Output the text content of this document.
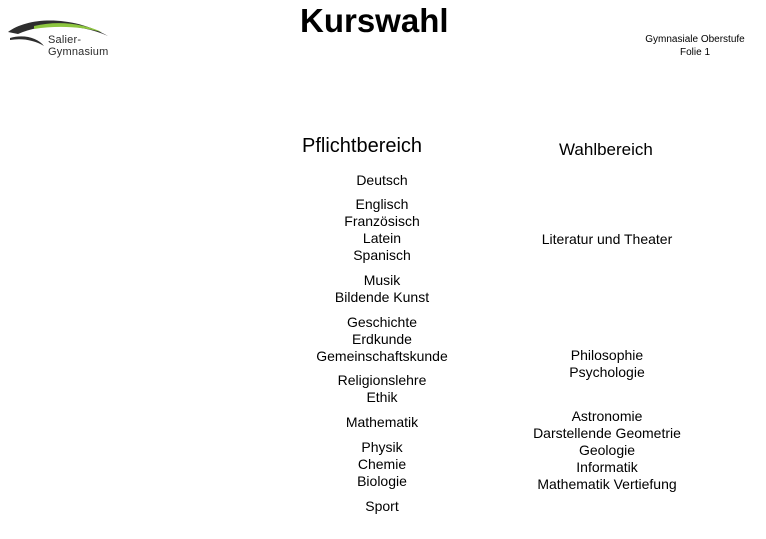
Salier-
Gymnasium
Kurswahl
Gymnasiale Oberstufe
Folie 1
Pflichtbereich	Wahlbereich
Deutsch
Englisch
Französisch
Latein
Spanisch
Musik
Bildende Kunst
Geschichte
Erdkunde
Gemeinschaftskunde
Religionslehre
Ethik
Mathematik
Physik
Chemie
Biologie
Sport
Literatur und Theater
Philosophie
Psychologie
Astronomie
Darstellende Geometrie
Geologie
Informatik
Mathematik Vertiefung
